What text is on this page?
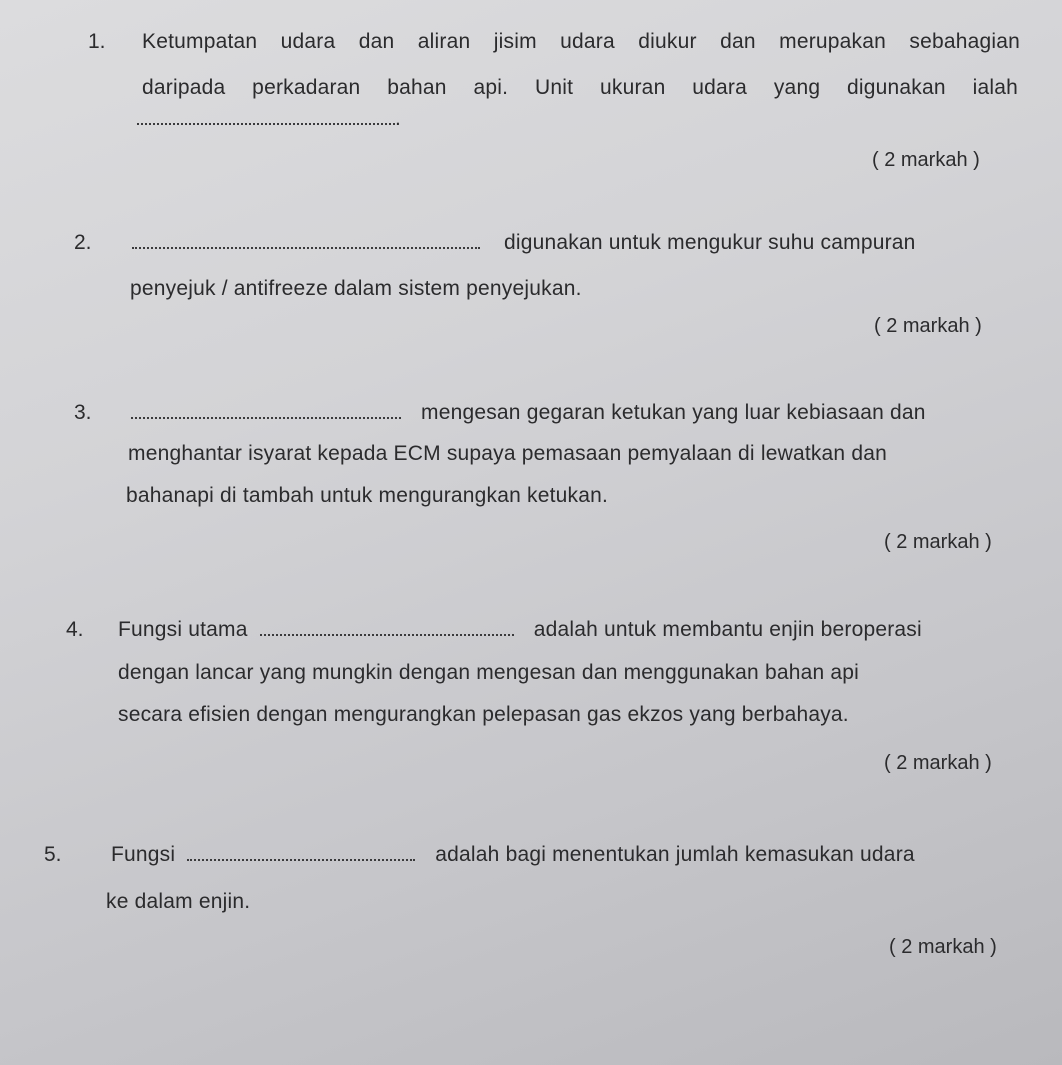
1. Ketumpatan udara dan aliran jisim udara diukur dan merupakan sebahagian
daripada perkadaran bahan api. Unit ukuran udara yang digunakan ialah
.
( 2 markah )
2.	digunakan untuk mengukur suhu campuran
penyejuk / antifreeze dalam sistem penyejukan.
( 2 markah )
3.	mengesan gegaran ketukan yang luar kebiasaan dan
menghantar isyarat kepada ECM supaya pemasaan pemyalaan di lewatkan dan
bahanapi di tambah untuk mengurangkan ketukan.
( 2 markah )
4. Fungsi utama	adalah untuk membantu enjin beroperasi
dengan lancar yang mungkin dengan mengesan dan menggunakan bahan api
secara efisien dengan mengurangkan pelepasan gas ekzos yang berbahaya.
( 2 markah )
5. Fungsi	adalah bagi menentukan jumlah kemasukan udara
ke dalam enjin.
( 2 markah )
